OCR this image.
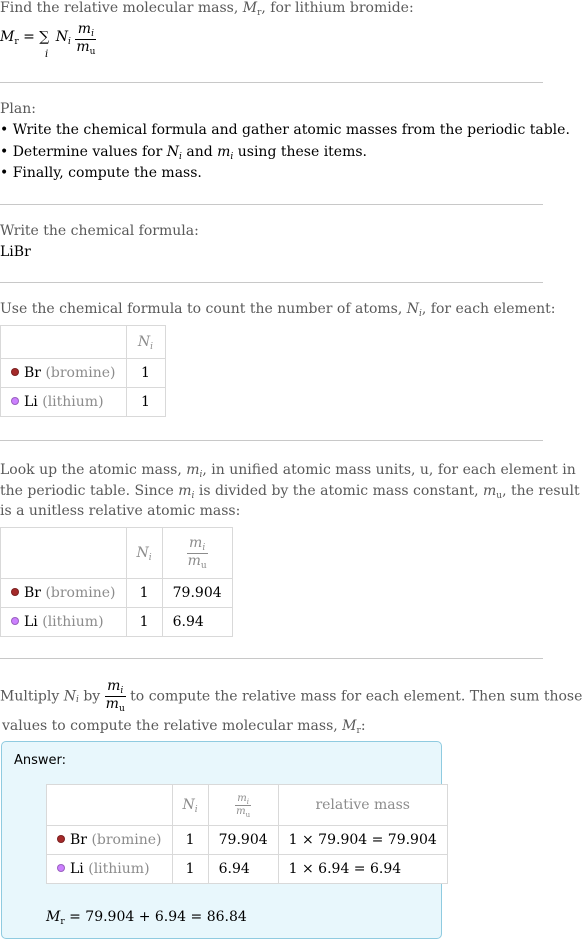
Find the relative molecular mass, $M_r$, for lithium bromide:
$M_r$ = ∑
i
$N_i \frac{m_i}{m_u}$
Plan:
• Write the chemical formula and gather atomic masses from the periodic table.
• Determine values for $N_i$ and $m_i$ using these items.
• Finally, compute the mass.
Write the chemical formula:
LiBr
Use the chemical formula to count the number of atoms, $N_i$, for each element:
	$N_i$
Br (bromine)	1
Li (lithium)	1
Look up the atomic mass, $m_i$, in unified atomic mass units, u, for each element in
the periodic table. Since $m_i$ is divided by the atomic mass constant, $m_u$, the result
is a unitless relative atomic mass:
	$N_i$	$\frac{m_i}{m_u}$

Br (bromine)	1	79.904
Li (lithium)	1	6.94
Multiply $N_i$ by $\frac{m_i}{m_u}$ to compute the relative mass for each element. Then sum those
values to compute the relative molecular mass, $M_r$:
Answer:
	$N_i$	$\frac{m_i}{m_u}$	relative mass
Br (bromine)	1	79.904	1 × 79.904 = 79.904
Li (lithium)	1	6.94	1 × 6.94 = 6.94
$M_r = 79.904 + 6.94 = 86.84$
